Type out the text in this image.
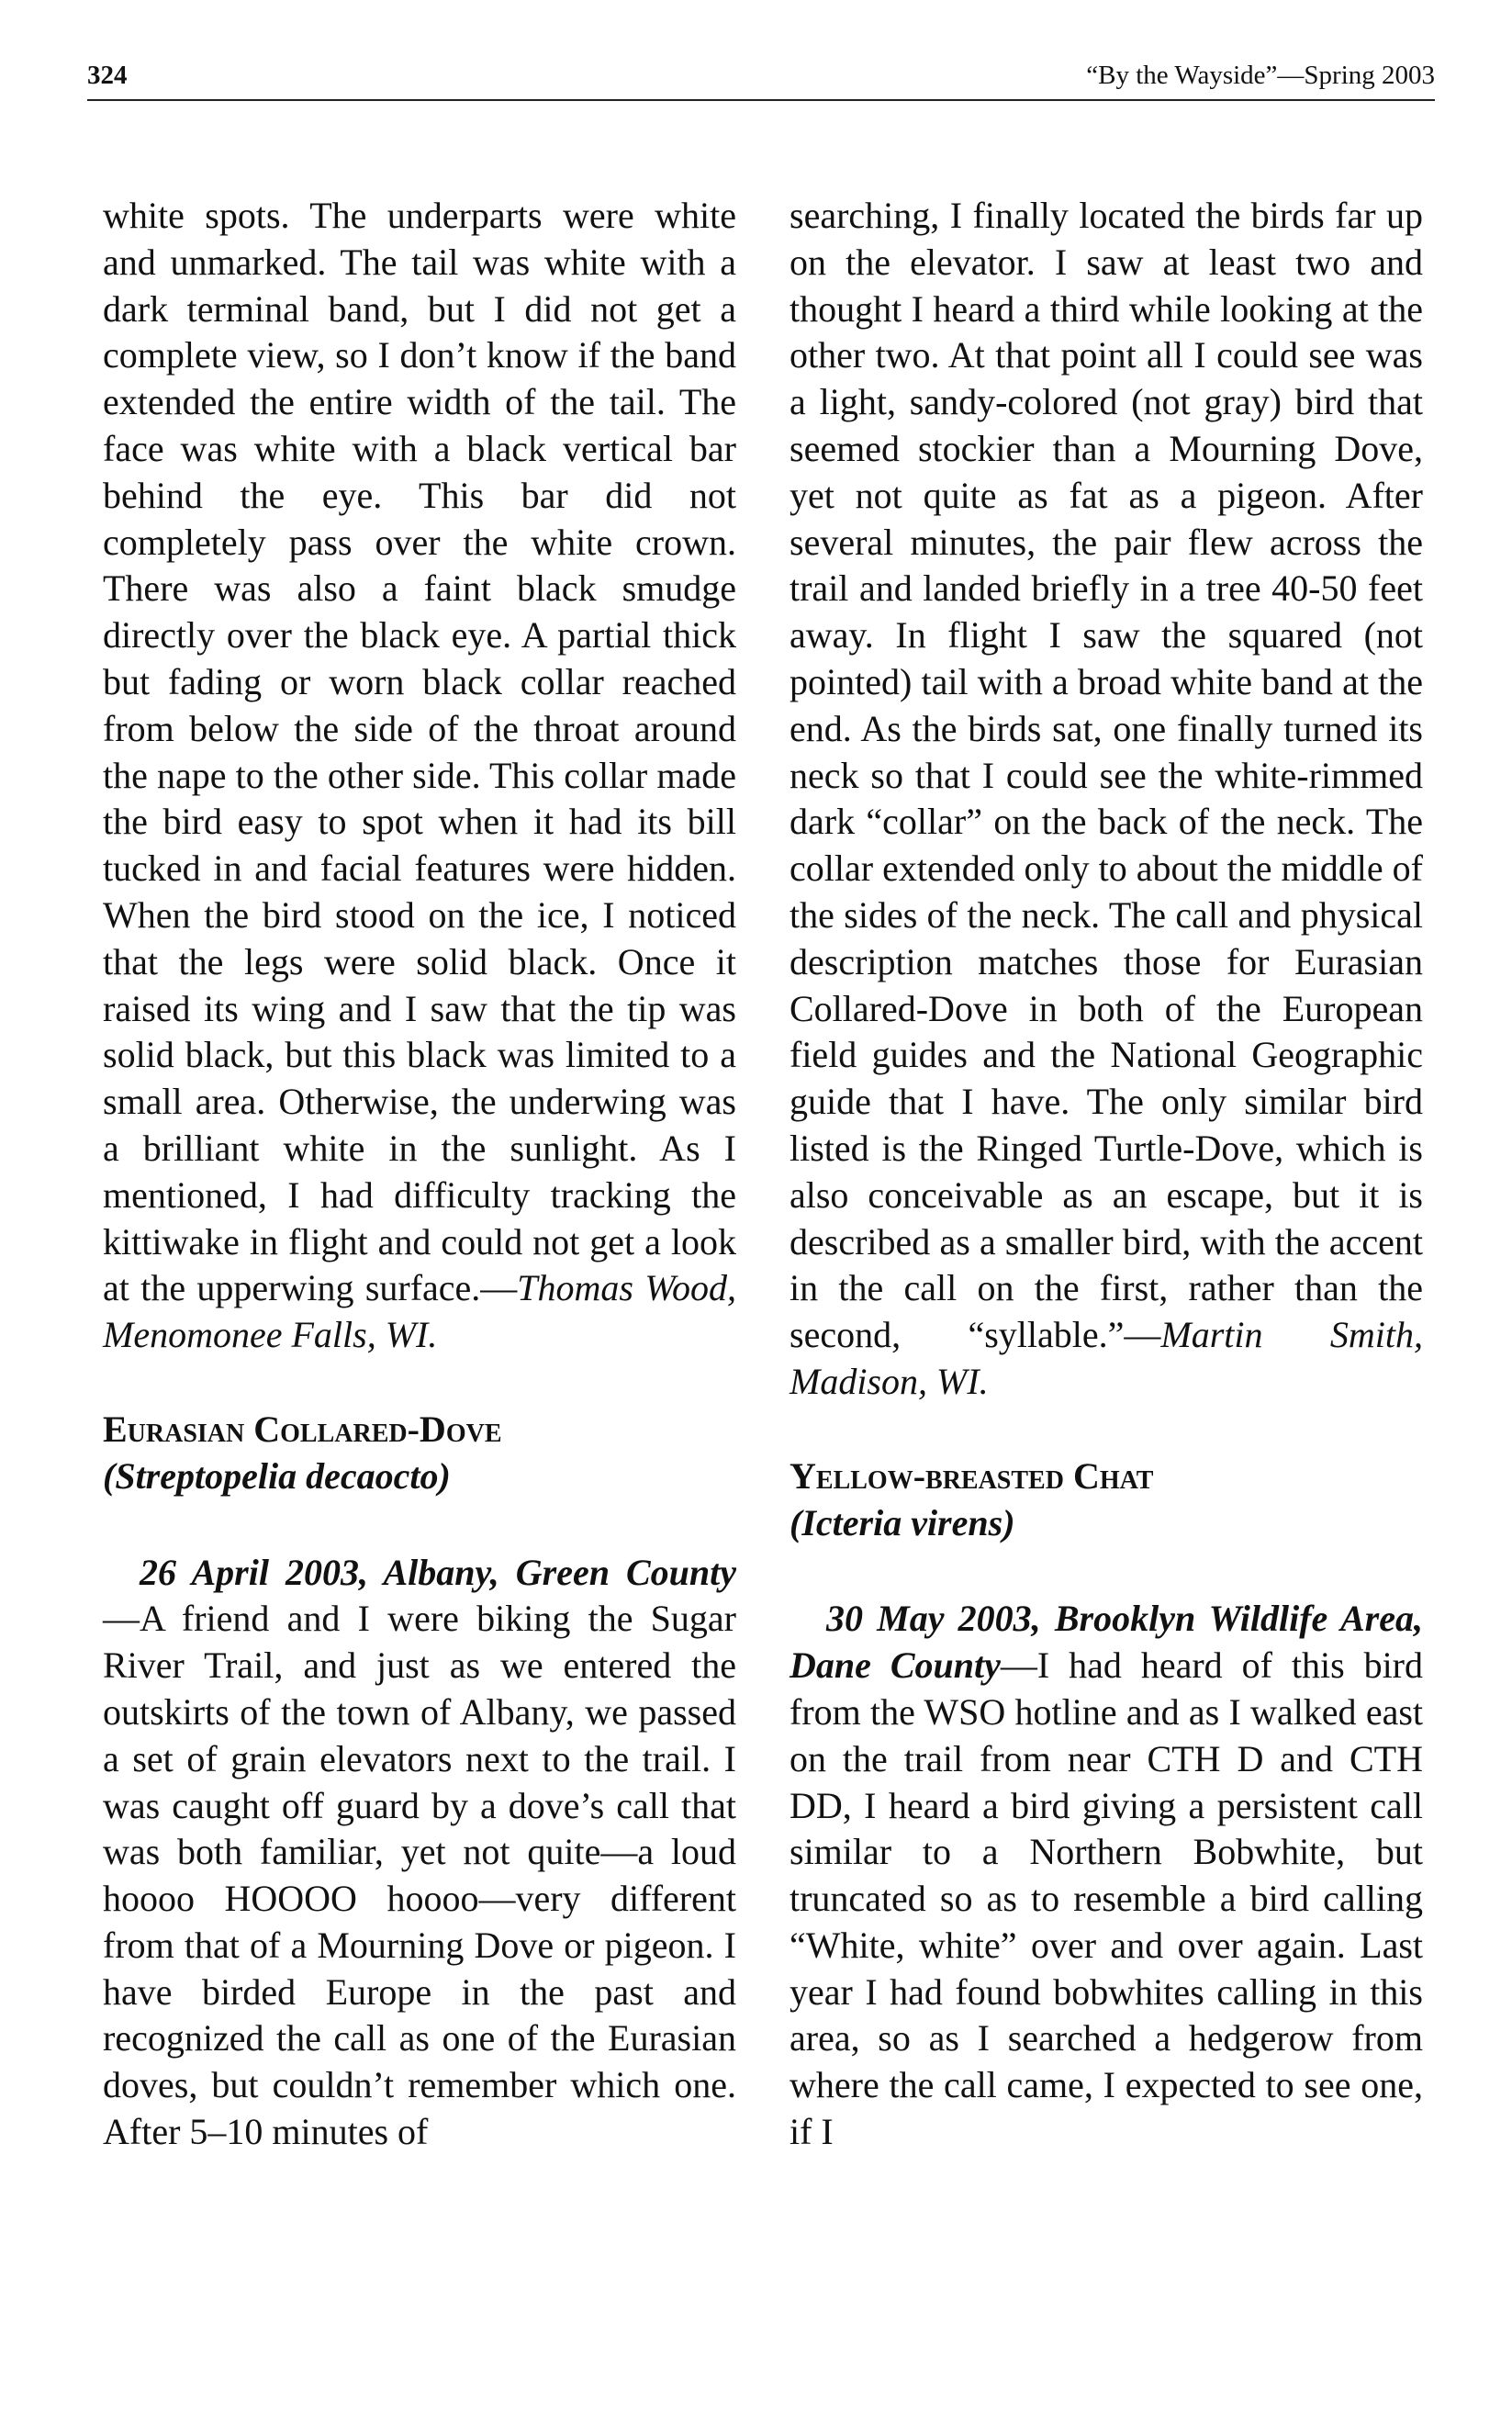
324	“By the Wayside”—Spring 2003

white spots. The underparts were white and unmarked. The tail was white with a dark terminal band, but I did not get a complete view, so I don’t know if the band extended the entire width of the tail. The face was white with a black vertical bar behind the eye. This bar did not completely pass over the white crown. There was also a faint black smudge directly over the black eye. A partial thick but fading or worn black collar reached from below the side of the throat around the nape to the other side. This collar made the bird easy to spot when it had its bill tucked in and facial features were hidden. When the bird stood on the ice, I noticed that the legs were solid black. Once it raised its wing and I saw that the tip was solid black, but this black was limited to a small area. Otherwise, the underwing was a brilliant white in the sunlight. As I mentioned, I had difficulty tracking the kittiwake in flight and could not get a look at the upperwing surface.—Thomas Wood, Menomonee Falls, WI.

Eurasian Collared-Dove
(Streptopelia decaocto)

26 April 2003, Albany, Green County—A friend and I were biking the Sugar River Trail, and just as we entered the outskirts of the town of Albany, we passed a set of grain elevators next to the trail. I was caught off guard by a dove’s call that was both familiar, yet not quite—a loud hoooo HOOOO hoooo—very different from that of a Mourning Dove or pigeon. I have birded Europe in the past and recognized the call as one of the Eurasian doves, but couldn’t remember which one. After 5–10 minutes of

searching, I finally located the birds far up on the elevator. I saw at least two and thought I heard a third while looking at the other two. At that point all I could see was a light, sandy-colored (not gray) bird that seemed stockier than a Mourning Dove, yet not quite as fat as a pigeon. After several minutes, the pair flew across the trail and landed briefly in a tree 40-50 feet away. In flight I saw the squared (not pointed) tail with a broad white band at the end. As the birds sat, one finally turned its neck so that I could see the white-rimmed dark “collar” on the back of the neck. The collar extended only to about the middle of the sides of the neck. The call and physical description matches those for Eurasian Collared-Dove in both of the European field guides and the National Geographic guide that I have. The only similar bird listed is the Ringed Turtle-Dove, which is also conceivable as an escape, but it is described as a smaller bird, with the accent in the call on the first, rather than the second, “syllable.”—Martin Smith, Madison, WI.

Yellow-breasted Chat
(Icteria virens)

30 May 2003, Brooklyn Wildlife Area, Dane County—I had heard of this bird from the WSO hotline and as I walked east on the trail from near CTH D and CTH DD, I heard a bird giving a persistent call similar to a Northern Bobwhite, but truncated so as to resemble a bird calling “White, white” over and over again. Last year I had found bobwhites calling in this area, so as I searched a hedgerow from where the call came, I expected to see one, if I
